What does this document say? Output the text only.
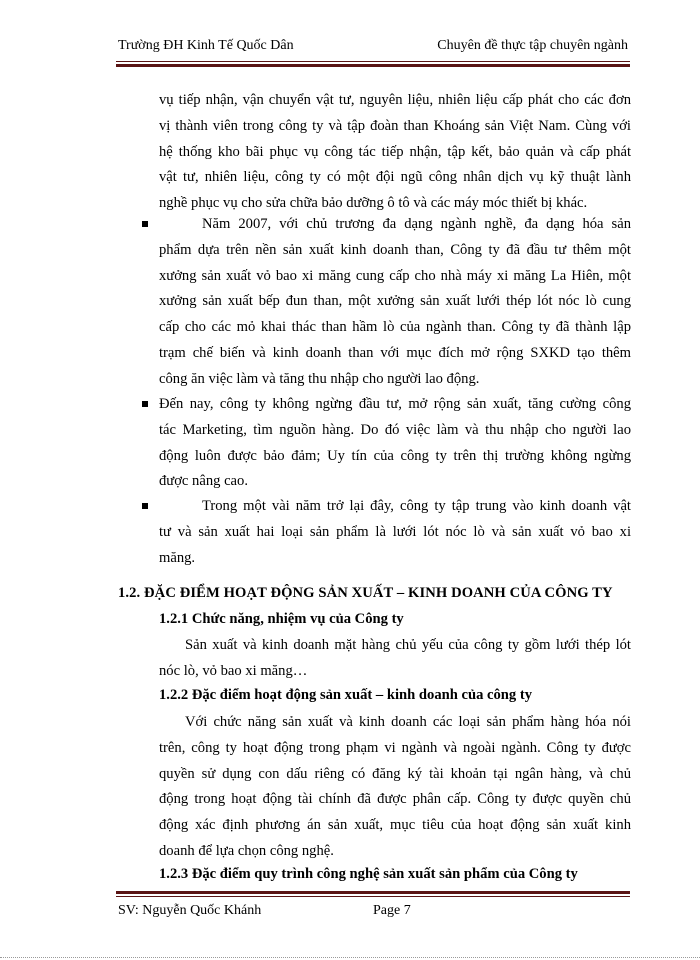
Trường ĐH Kinh Tế Quốc Dân	Chuyên đề thực tập chuyên ngành
vụ tiếp nhận, vận chuyển vật tư, nguyên liệu, nhiên liệu cấp phát cho các đơn
vị thành viên trong công ty và tập đoàn than Khoáng sản Việt Nam. Cùng với
hệ thống kho bãi phục vụ công tác tiếp nhận, tập kết, bảo quản và cấp phát
vật tư, nhiên liệu, công ty có một đội ngũ công nhân dịch vụ kỹ thuật lành
nghề phục vụ cho sửa chữa bảo dưỡng ô tô và các máy móc thiết bị khác.
Năm 2007, với chủ trương đa dạng ngành nghề, đa dạng hóa sản
phẩm dựa trên nền sản xuất kinh doanh than, Công ty đã đầu tư thêm một
xưởng sản xuất vỏ bao xi măng cung cấp cho nhà máy xi măng La Hiên, một
xưởng sản xuất bếp đun than, một xưởng sản xuất lưới thép lót nóc lò cung
cấp cho các mỏ khai thác than hầm lò của ngành than. Công ty đã thành lập
trạm chế biến và kinh doanh than với mục đích mở rộng SXKD tạo thêm
công ăn việc làm và tăng thu nhập cho người lao động.
Đến nay, công ty không ngừng đầu tư, mở rộng sản xuất, tăng cường công
tác Marketing, tìm nguồn hàng. Do đó việc làm và thu nhập cho người lao
động luôn được bảo đảm; Uy tín của công ty trên thị trường không ngừng
được nâng cao.
Trong một vài năm trở lại đây, công ty tập trung vào kinh doanh vật
tư và sản xuất hai loại sản phẩm là lưới lót nóc lò và sản xuất vỏ bao xi
măng.
1.2. ĐẶC ĐIỂM HOẠT ĐỘNG SẢN XUẤT – KINH DOANH CỦA CÔNG TY
1.2.1 Chức năng, nhiệm vụ của Công ty
Sản xuất và kinh doanh mặt hàng chủ yếu của công ty gồm lưới thép lót
nóc lò, vỏ bao xi măng…
1.2.2 Đặc điểm hoạt động sản xuất – kinh doanh của công ty
Với chức năng sản xuất và kinh doanh các loại sản phẩm hàng hóa nói
trên, công ty hoạt động trong phạm vi ngành và ngoài ngành. Công ty được
quyền sử dụng con dấu riêng có đăng ký tài khoản tại ngân hàng, và chủ
động trong hoạt động tài chính đã được phân cấp. Công ty được quyền chủ
động xác định phương án sản xuất, mục tiêu của hoạt động sản xuất kinh
doanh để lựa chọn công nghệ.
1.2.3 Đặc điểm quy trình công nghệ sản xuất sản phẩm của Công ty
SV: Nguyễn Quốc Khánh	Page 7
